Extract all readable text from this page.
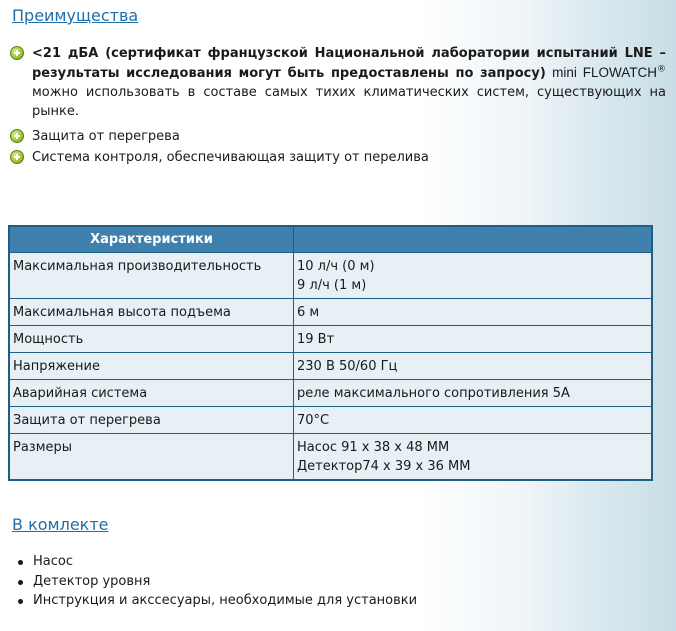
Преимущества
<21 дБА (сертификат французской Национальной лаборатории испытаний LNE – результаты исследования могут быть предоставлены по запросу) mini FLOWATCH® можно использовать в составе самых тихих климатических систем, существующих на рынке.
Защита от перегрева
Система контроля, обеспечивающая защиту от перелива
Характеристики	
Максимальная производительность	10 л/ч (0 м)
9 л/ч (1 м)
Максимальная высота подъема	6 м
Мощность	19 Вт
Напряжение	230 В 50/60 Гц
Аварийная система	реле максимального сопротивления 5А
Защита от перегрева	70°C
Размеры	Насос 91 x 38 x 48 ММ
Детектор74 x 39 x 36 ММ
В комлекте
Насос
Детектор уровня
Инструкция и акссесуары, необходимые для установки
